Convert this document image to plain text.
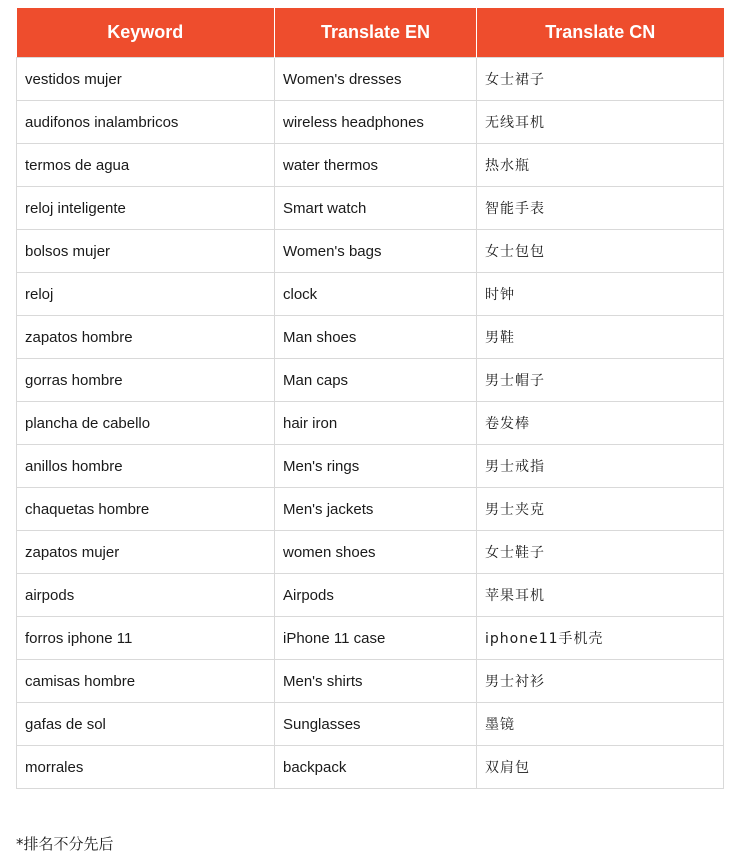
Keyword	Translate EN	Translate CN
vestidos mujer	Women's dresses	女士裙子
audifonos inalambricos	wireless headphones	无线耳机
termos de agua	water thermos	热水瓶
reloj inteligente	Smart watch	智能手表
bolsos mujer	Women's bags	女士包包
reloj	clock	时钟
zapatos hombre	Man shoes	男鞋
gorras hombre	Man caps	男士帽子
plancha de cabello	hair iron	卷发棒
anillos hombre	Men's rings	男士戒指
chaquetas hombre	Men's jackets	男士夹克
zapatos mujer	women shoes	女士鞋子
airpods	Airpods	苹果耳机
forros iphone 11	iPhone 11 case	iphone11手机壳
camisas hombre	Men's shirts	男士衬衫
gafas de sol	Sunglasses	墨镜
morrales	backpack	双肩包
*排名不分先后
